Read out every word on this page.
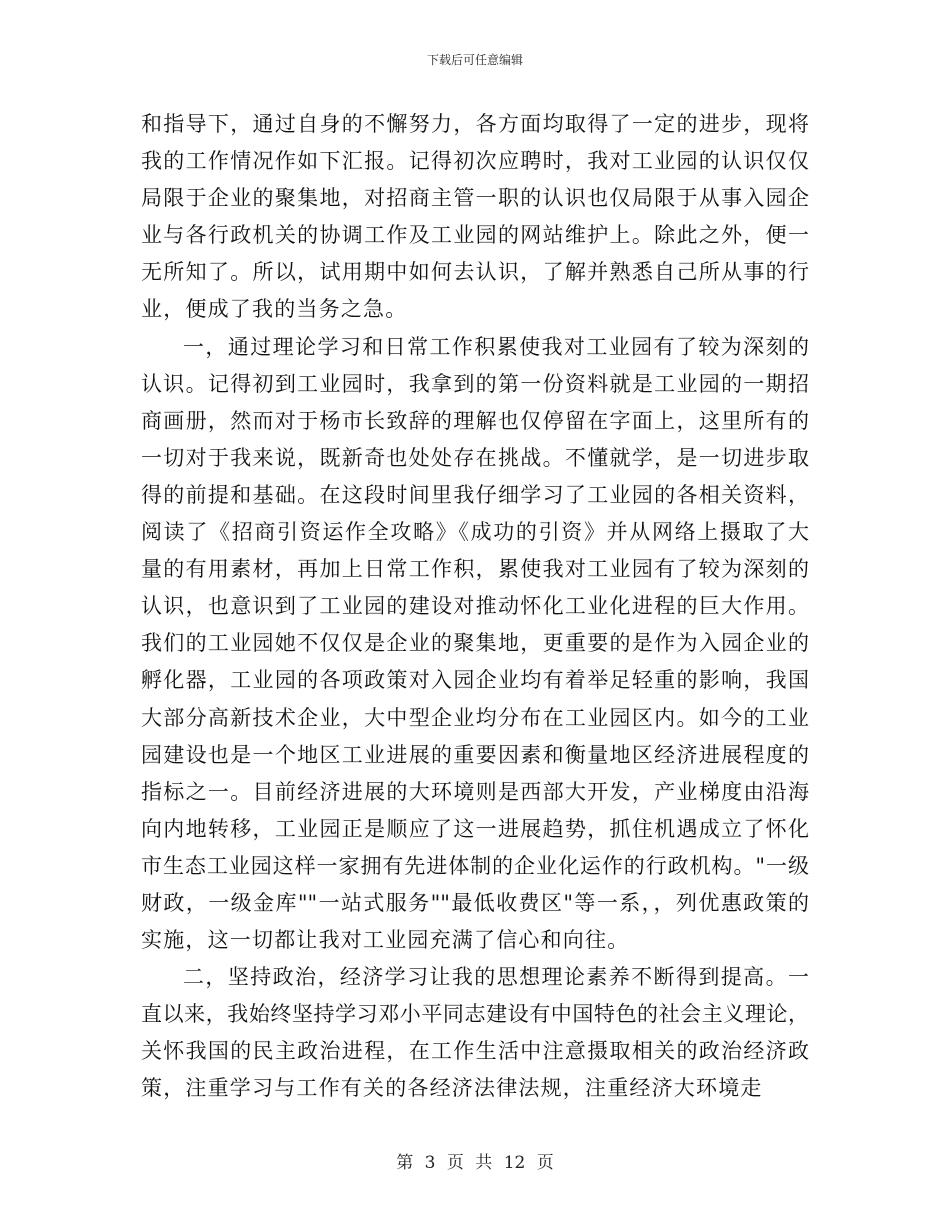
下载后可任意编辑
和指导下，通过自身的不懈努力，各方面均取得了一定的进步，现将
我的工作情况作如下汇报。记得初次应聘时，我对工业园的认识仅仅
局限于企业的聚集地，对招商主管一职的认识也仅局限于从事入园企
业与各行政机关的协调工作及工业园的网站维护上。除此之外，便一
无所知了。所以，试用期中如何去认识，了解并熟悉自己所从事的行
业，便成了我的当务之急。
一，通过理论学习和日常工作积累使我对工业园有了较为深刻的
认识。记得初到工业园时，我拿到的第一份资料就是工业园的一期招
商画册，然而对于杨市长致辞的理解也仅停留在字面上，这里所有的
一切对于我来说，既新奇也处处存在挑战。不懂就学，是一切进步取
得的前提和基础。在这段时间里我仔细学习了工业园的各相关资料，
阅读了《招商引资运作全攻略》《成功的引资》并从网络上摄取了大
量的有用素材，再加上日常工作积，累使我对工业园有了较为深刻的
认识，也意识到了工业园的建设对推动怀化工业化进程的巨大作用。
我们的工业园她不仅仅是企业的聚集地，更重要的是作为入园企业的
孵化器，工业园的各项政策对入园企业均有着举足轻重的影响，我国
大部分高新技术企业，大中型企业均分布在工业园区内。如今的工业
园建设也是一个地区工业进展的重要因素和衡量地区经济进展程度的
指标之一。目前经济进展的大环境则是西部大开发，产业梯度由沿海
向内地转移，工业园正是顺应了这一进展趋势，抓住机遇成立了怀化
市生态工业园这样一家拥有先进体制的企业化运作的行政机构。"一级
财政，一级金库""一站式服务""最低收费区"等一系，，列优惠政策的
实施，这一切都让我对工业园充满了信心和向往。
二，坚持政治，经济学习让我的思想理论素养不断得到提高。一
直以来，我始终坚持学习邓小平同志建设有中国特色的社会主义理论，
关怀我国的民主政治进程，在工作生活中注意摄取相关的政治经济政
策，注重学习与工作有关的各经济法律法规，注重经济大环境走
第 3 页 共 12 页
